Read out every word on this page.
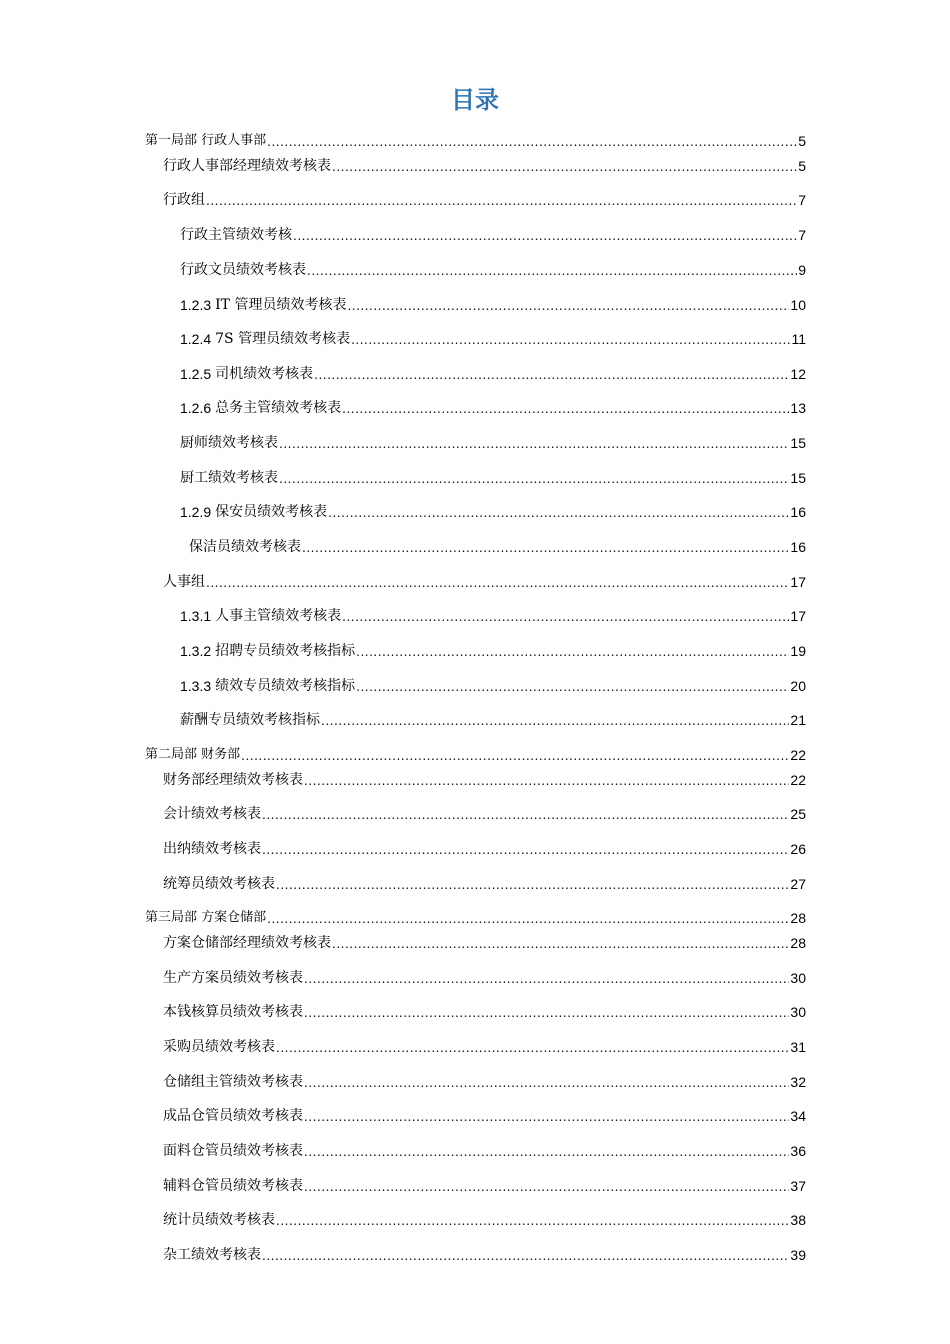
目录
第一局部 行政人事部 .....	5
行政人事部经理绩效考核表 .....	5
行政组 .....	7
行政主管绩效考核 .....	7
行政文员绩效考核表 .....	9
1.2.3 IT 管理员绩效考核表 .....	10
1.2.4 7S 管理员绩效考核表 .....	11
1.2.5 司机绩效考核表 .....	12
1.2.6 总务主管绩效考核表 .....	13
厨师绩效考核表 .....	15
厨工绩效考核表 .....	15
1.2.9 保安员绩效考核表 .....	16
保洁员绩效考核表 .....	16
人事组 .....	17
1.3.1 人事主管绩效考核表 .....	17
1.3.2 招聘专员绩效考核指标 .....	19
1.3.3 绩效专员绩效考核指标 .....	20
薪酬专员绩效考核指标 .....	21
第二局部 财务部 .....	22
财务部经理绩效考核表 .....	22
会计绩效考核表 .....	25
出纳绩效考核表 .....	26
统筹员绩效考核表 .....	27
第三局部 方案仓储部 .....	28
方案仓储部经理绩效考核表 .....	28
生产方案员绩效考核表 .....	30
本钱核算员绩效考核表 .....	30
采购员绩效考核表 .....	31
仓储组主管绩效考核表 .....	32
成品仓管员绩效考核表 .....	34
面料仓管员绩效考核表 .....	36
辅料仓管员绩效考核表 .....	37
统计员绩效考核表 .....	38
杂工绩效考核表 .....	39
